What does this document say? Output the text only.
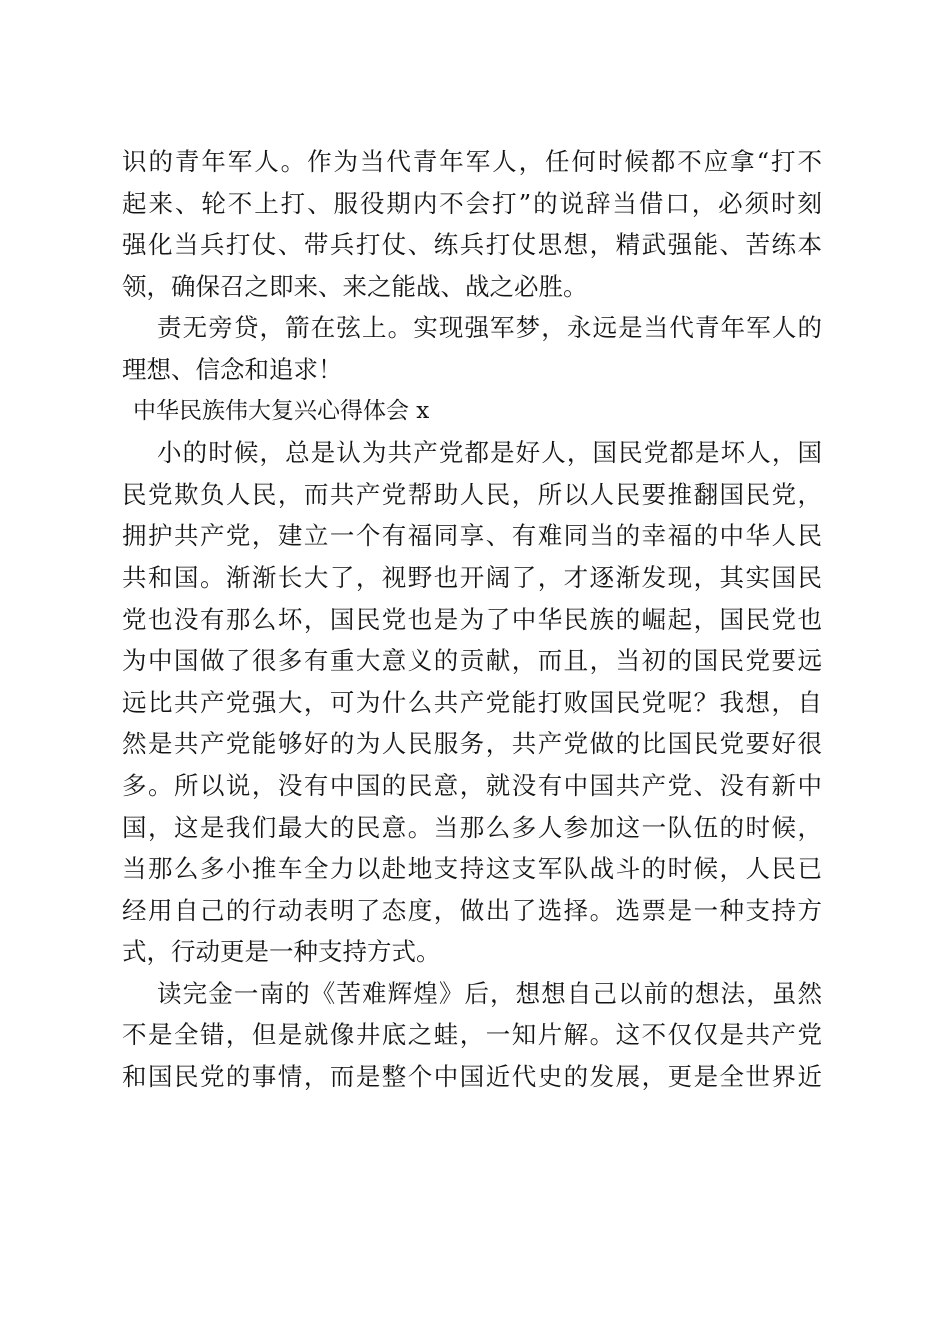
识的青年军人。作为当代青年军人，任何时候都不应拿“打不
起来、轮不上打、服役期内不会打”的说辞当借口，必须时刻
强化当兵打仗、带兵打仗、练兵打仗思想，精武强能、苦练本
领，确保召之即来、来之能战、战之必胜。
责无旁贷，箭在弦上。实现强军梦，永远是当代青年军人的
理想、信念和追求！
中华民族伟大复兴心得体会 x
小的时候，总是认为共产党都是好人，国民党都是坏人，国
民党欺负人民，而共产党帮助人民，所以人民要推翻国民党，
拥护共产党，建立一个有福同享、有难同当的幸福的中华人民
共和国。渐渐长大了，视野也开阔了，才逐渐发现，其实国民
党也没有那么坏，国民党也是为了中华民族的崛起，国民党也
为中国做了很多有重大意义的贡献，而且，当初的国民党要远
远比共产党强大，可为什么共产党能打败国民党呢？我想，自
然是共产党能够好的为人民服务，共产党做的比国民党要好很
多。所以说，没有中国的民意，就没有中国共产党、没有新中
国，这是我们最大的民意。当那么多人参加这一队伍的时候，
当那么多小推车全力以赴地支持这支军队战斗的时候，人民已
经用自己的行动表明了态度，做出了选择。选票是一种支持方
式，行动更是一种支持方式。
读完金一南的《苦难辉煌》后，想想自己以前的想法，虽然
不是全错，但是就像井底之蛙，一知片解。这不仅仅是共产党
和国民党的事情，而是整个中国近代史的发展，更是全世界近
